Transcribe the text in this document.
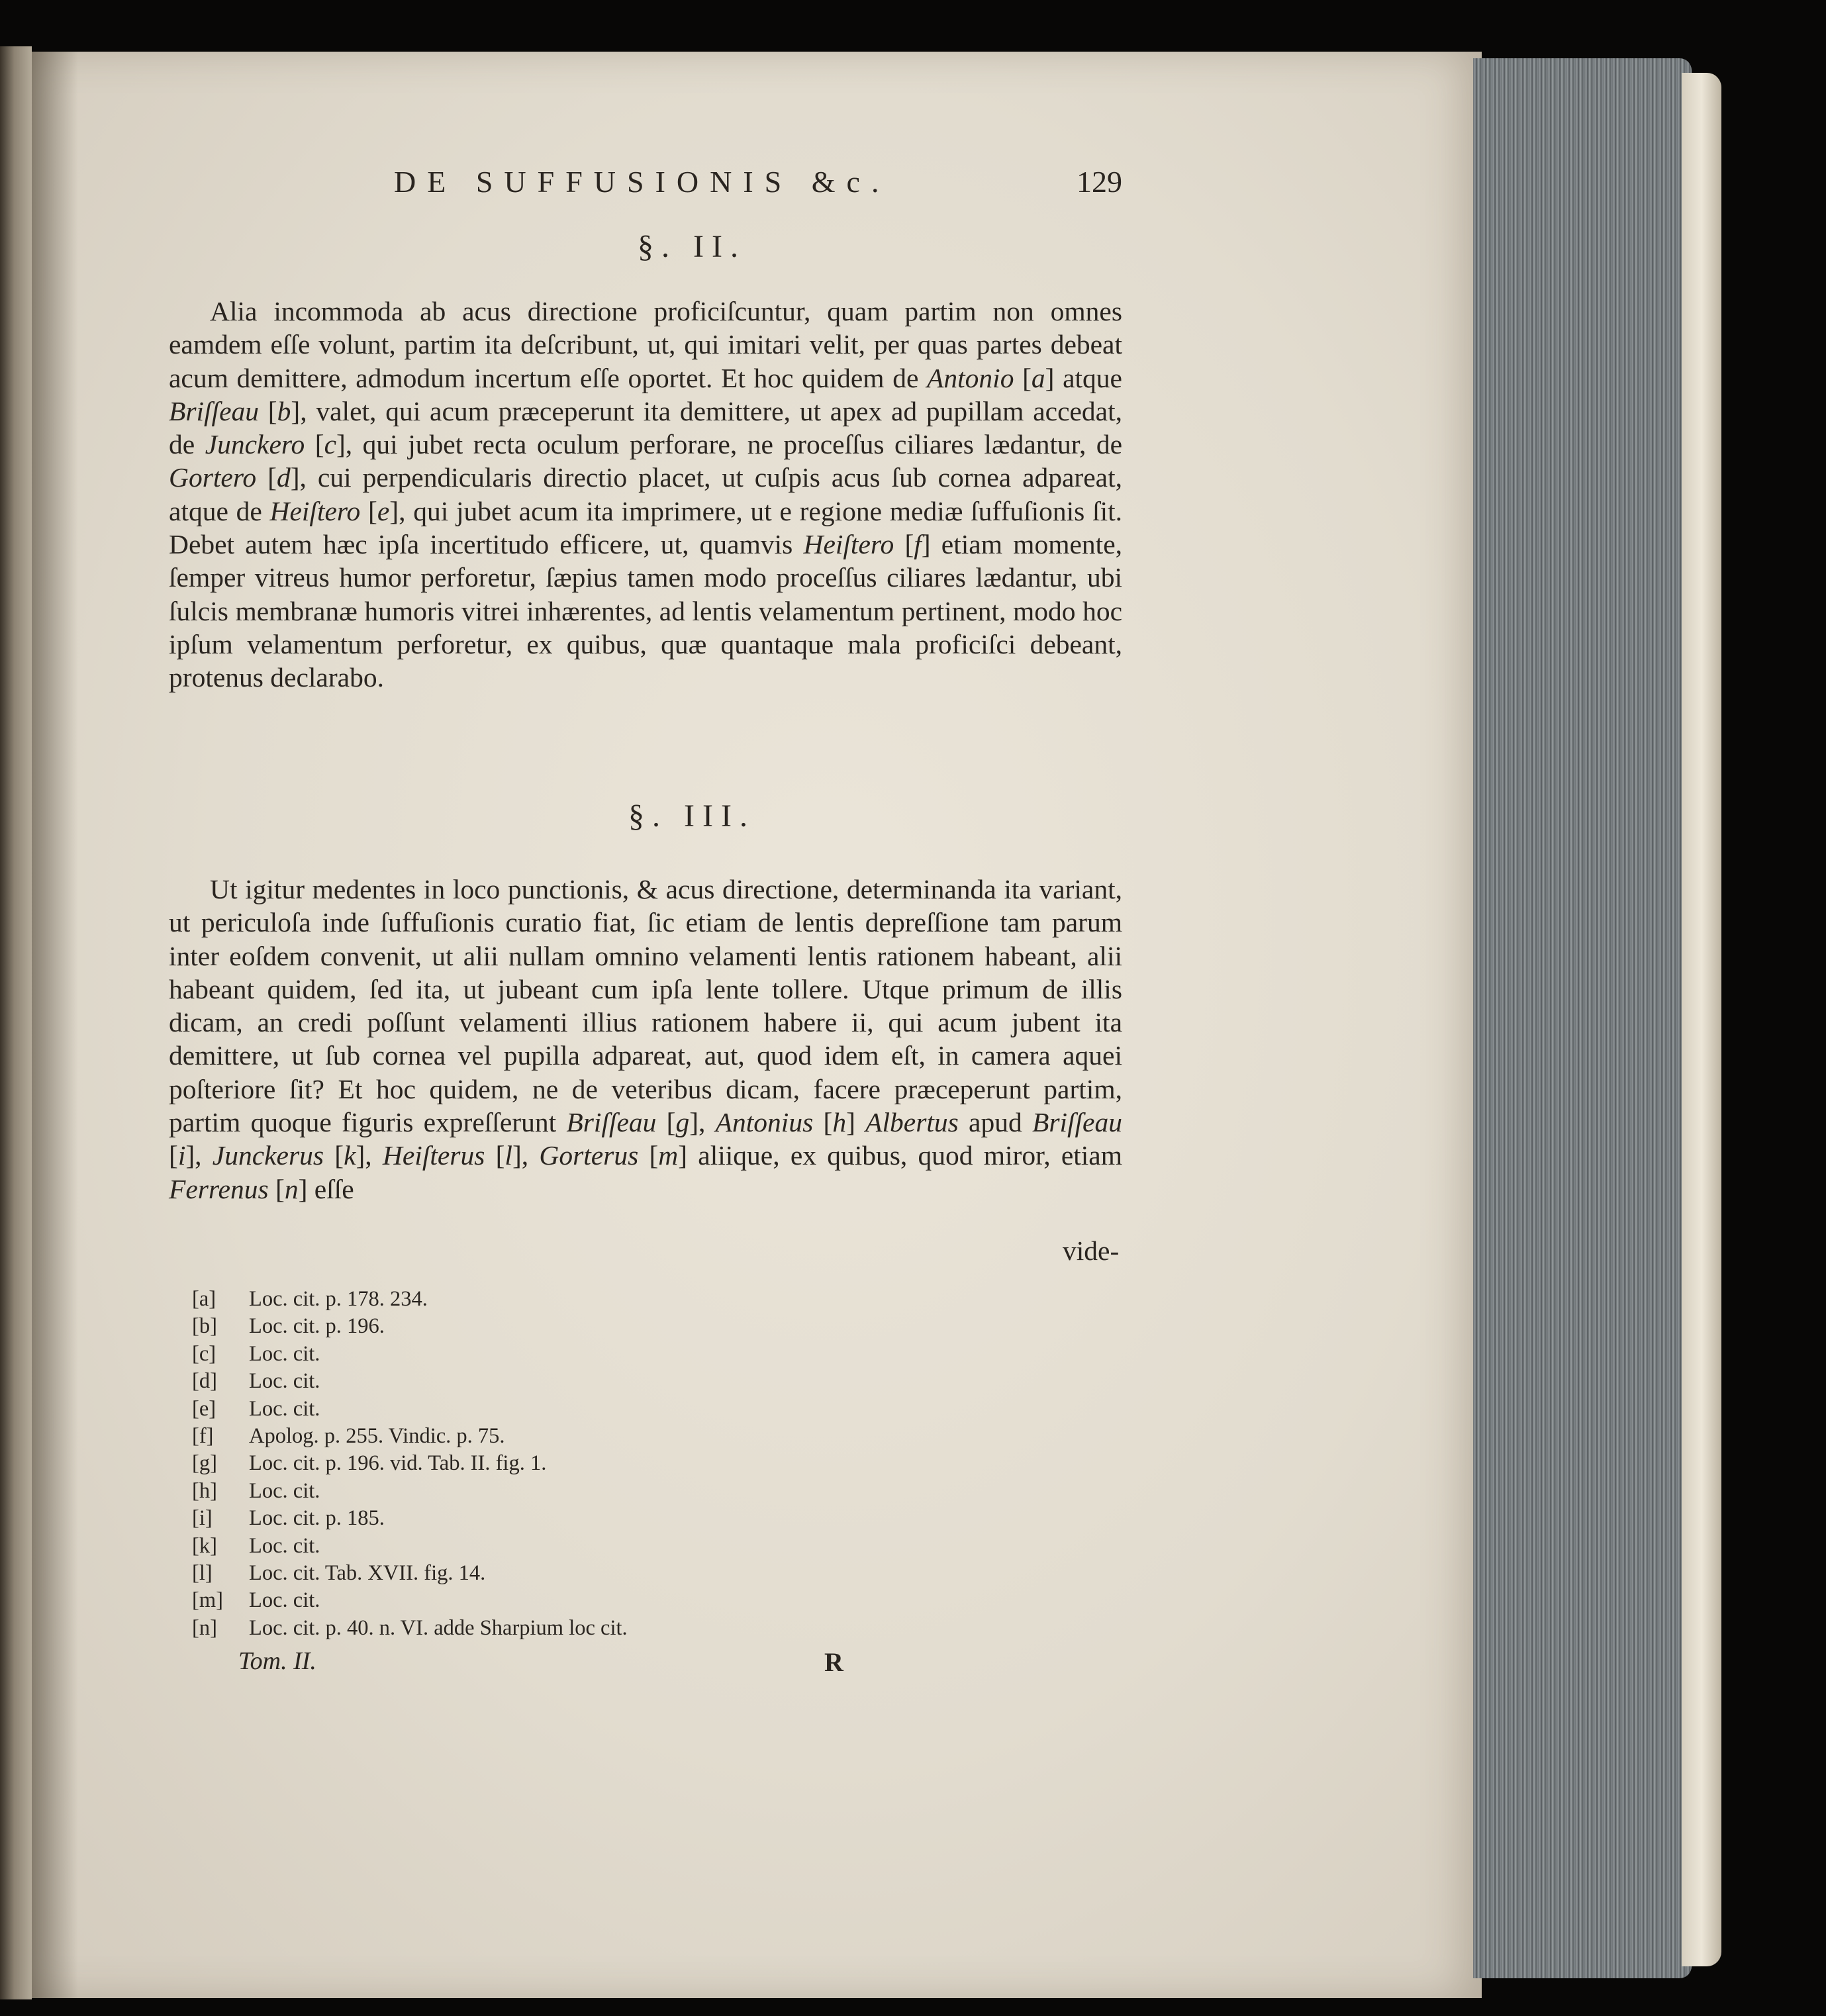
DE SUFFUSIONIS &c.	129
§. II.
Alia incommoda ab acus directione proficiſcuntur, quam partim non omnes eamdem eſſe volunt, partim ita deſcribunt, ut, qui imitari velit, per quas partes debeat acum demittere, admodum incertum eſſe oportet. Et hoc quidem de Antonio [a] atque Briſſeau [b], valet, qui acum præceperunt ita demittere, ut apex ad pupillam accedat, de Junckero [c], qui jubet recta oculum perforare, ne proceſſus ciliares lædantur, de Gortero [d], cui perpendicularis directio placet, ut cuſpis acus ſub cornea adpareat, atque de Heiſtero [e], qui jubet acum ita imprimere, ut e regione mediæ ſuffuſionis ſit. Debet autem hæc ipſa incertitudo efficere, ut, quamvis Heiſtero [f] etiam momente, ſemper vitreus humor perforetur, ſæpius tamen modo proceſſus ciliares lædantur, ubi ſulcis membranæ humoris vitrei inhærentes, ad lentis velamentum pertinent, modo hoc ipſum velamentum perforetur, ex quibus, quæ quantaque mala proficiſci debeant, protenus declarabo.
§. III.
Ut igitur medentes in loco punctionis, & acus directione, determinanda ita variant, ut periculoſa inde ſuffuſionis curatio fiat, ſic etiam de lentis depreſſione tam parum inter eoſdem convenit, ut alii nullam omnino velamenti lentis rationem habeant, alii habeant quidem, ſed ita, ut jubeant cum ipſa lente tollere. Utque primum de illis dicam, an credi poſſunt velamenti illius rationem habere ii, qui acum jubent ita demittere, ut ſub cornea vel pupilla adpareat, aut, quod idem eſt, in camera aquei poſteriore ſit? Et hoc quidem, ne de veteribus dicam, facere præceperunt partim, partim quoque figuris expreſſerunt Briſſeau [g], Antonius [h] Albertus apud Briſſeau [i], Junckerus [k], Heiſterus [l], Gorterus [m] aliique, ex quibus, quod miror, etiam Ferrenus [n] eſſe
vide-
[a]	Loc. cit. p. 178. 234.
[b]	Loc. cit. p. 196.
[c]	Loc. cit.
[d]	Loc. cit.
[e]	Loc. cit.
[f]	Apolog. p. 255. Vindic. p. 75.
[g]	Loc. cit. p. 196. vid. Tab. II. fig. 1.
[h]	Loc. cit.
[i]	Loc. cit. p. 185.
[k]	Loc. cit.
[l]	Loc. cit. Tab. XVII. fig. 14.
[m]	Loc. cit.
[n]	Loc. cit. p. 40. n. VI. adde Sharpium loc cit.
Tom. II.	R
